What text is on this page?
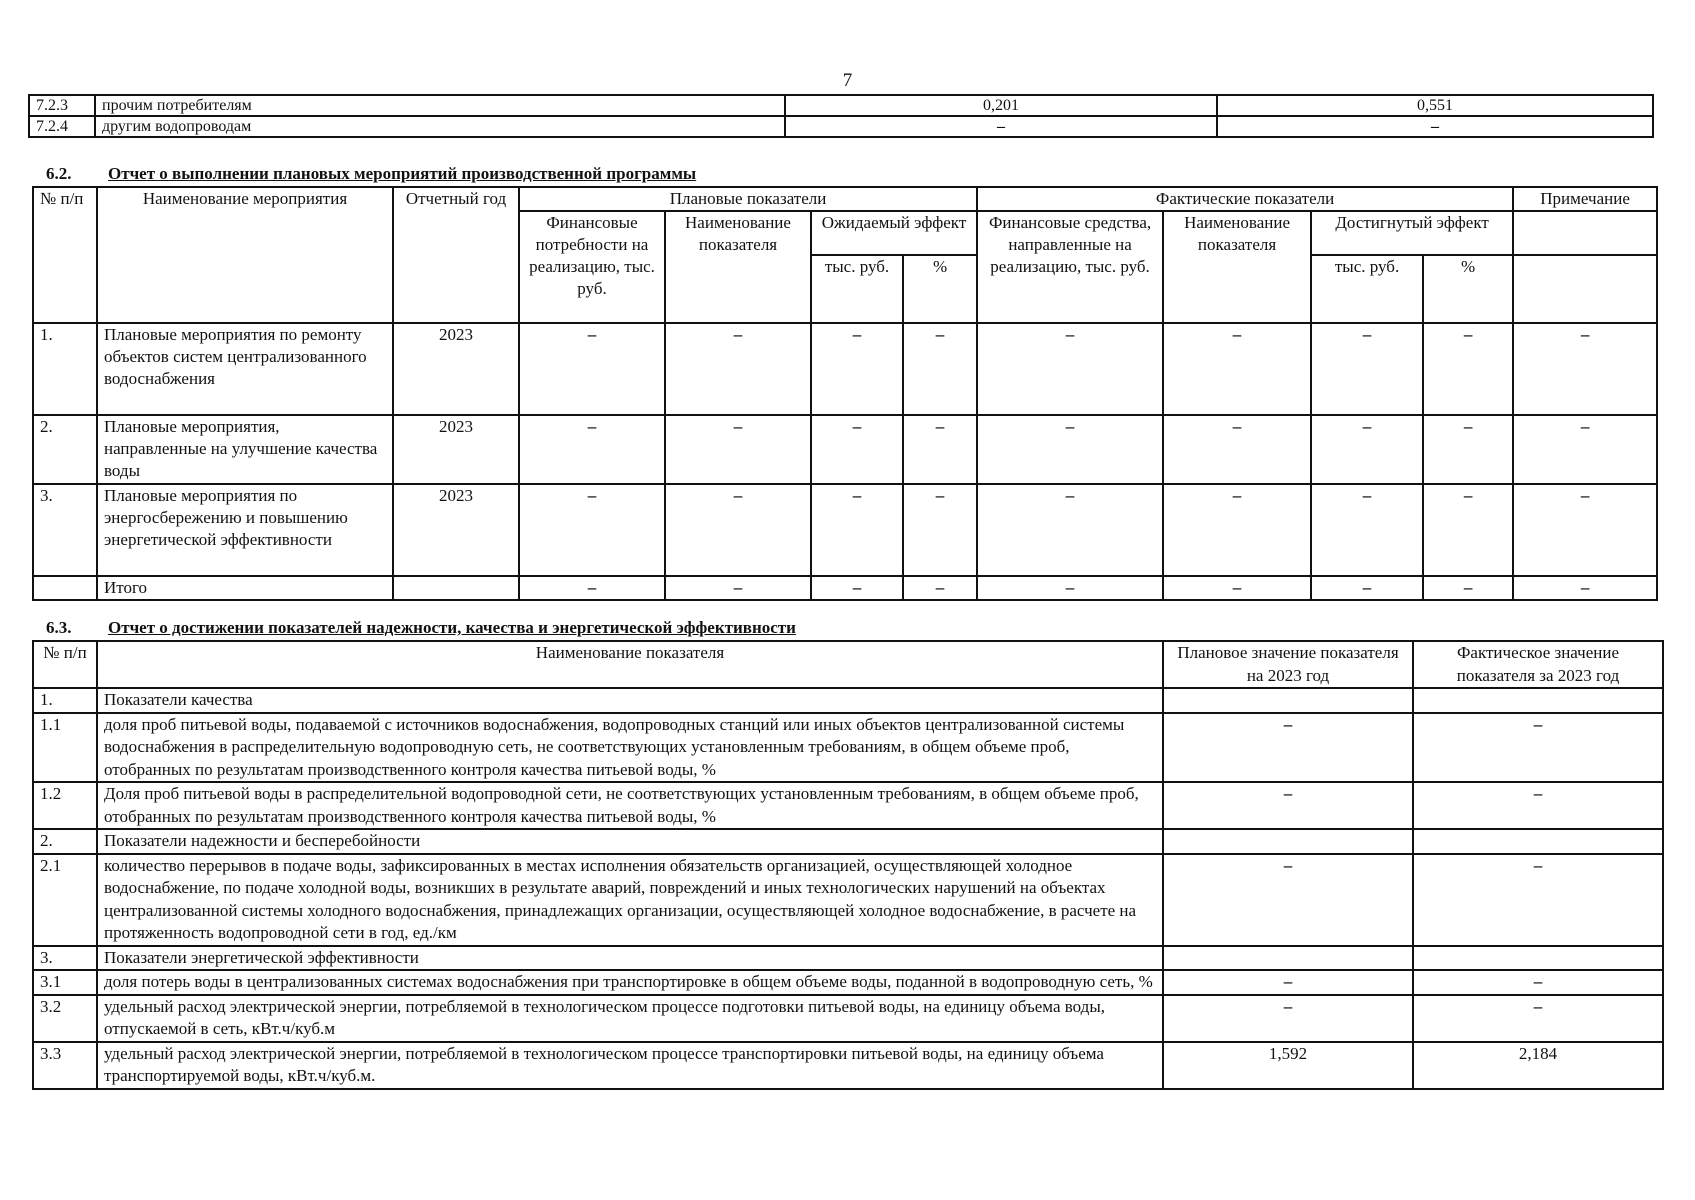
7
7.2.3	прочим потребителям	0,201	0,551
7.2.4	другим водопроводам	–	–
6.2. Отчет о выполнении плановых мероприятий производственной программы
№ п/п	Наименование мероприятия	Отчетный год	Плановые показатели				Фактические показатели				Примечание
			Финансовые потребности на реализацию, тыс. руб.	Наименование показателя	Ожидаемый эффект		Финансовые средства, направленные на реализацию, тыс. руб.	Наименование показателя	Достигнутый эффект		
					тыс. руб.	%			тыс. руб.	%	
1.	Плановые мероприятия по ремонту объектов систем централизованного водоснабжения	2023	–	–	–	–	–	–	–	–	–
2.	Плановые мероприятия, направленные на улучшение качества воды	2023	–	–	–	–	–	–	–	–	–
3.	Плановые мероприятия по энергосбережению и повышению энергетической эффективности	2023	–	–	–	–	–	–	–	–	–
	Итого		–	–	–	–	–	–	–	–	–
6.3. Отчет о достижении показателей надежности, качества и энергетической эффективности
№ п/п	Наименование показателя	Плановое значение показателя на 2023 год	Фактическое значение показателя за 2023 год
1.	Показатели качества		
1.1	доля проб питьевой воды, подаваемой с источников водоснабжения, водопроводных станций или иных объектов централизованной системы водоснабжения в распределительную водопроводную сеть, не соответствующих установленным требованиям, в общем объеме проб, отобранных по результатам производственного контроля качества питьевой воды, %	–	–
1.2	Доля проб питьевой воды в распределительной водопроводной сети, не соответствующих установленным требованиям, в общем объеме проб, отобранных по результатам производственного контроля качества питьевой воды, %	–	–
2.	Показатели надежности и бесперебойности		
2.1	количество перерывов в подаче воды, зафиксированных в местах исполнения обязательств организацией, осуществляющей холодное водоснабжение, по подаче холодной воды, возникших в результате аварий, повреждений и иных технологических нарушений на объектах централизованной системы холодного водоснабжения, принадлежащих организации, осуществляющей холодное водоснабжение, в расчете на протяженность водопроводной сети в год, ед./км	–	–
3.	Показатели энергетической эффективности		
3.1	доля потерь воды в централизованных системах водоснабжения при транспортировке в общем объеме воды, поданной в водопроводную сеть, %	–	–
3.2	удельный расход электрической энергии, потребляемой в технологическом процессе подготовки питьевой воды, на единицу объема воды, отпускаемой в сеть, кВт.ч/куб.м	–	–
3.3	удельный расход электрической энергии, потребляемой в технологическом процессе транспортировки питьевой воды, на единицу объема транспортируемой воды, кВт.ч/куб.м.	1,592	2,184
